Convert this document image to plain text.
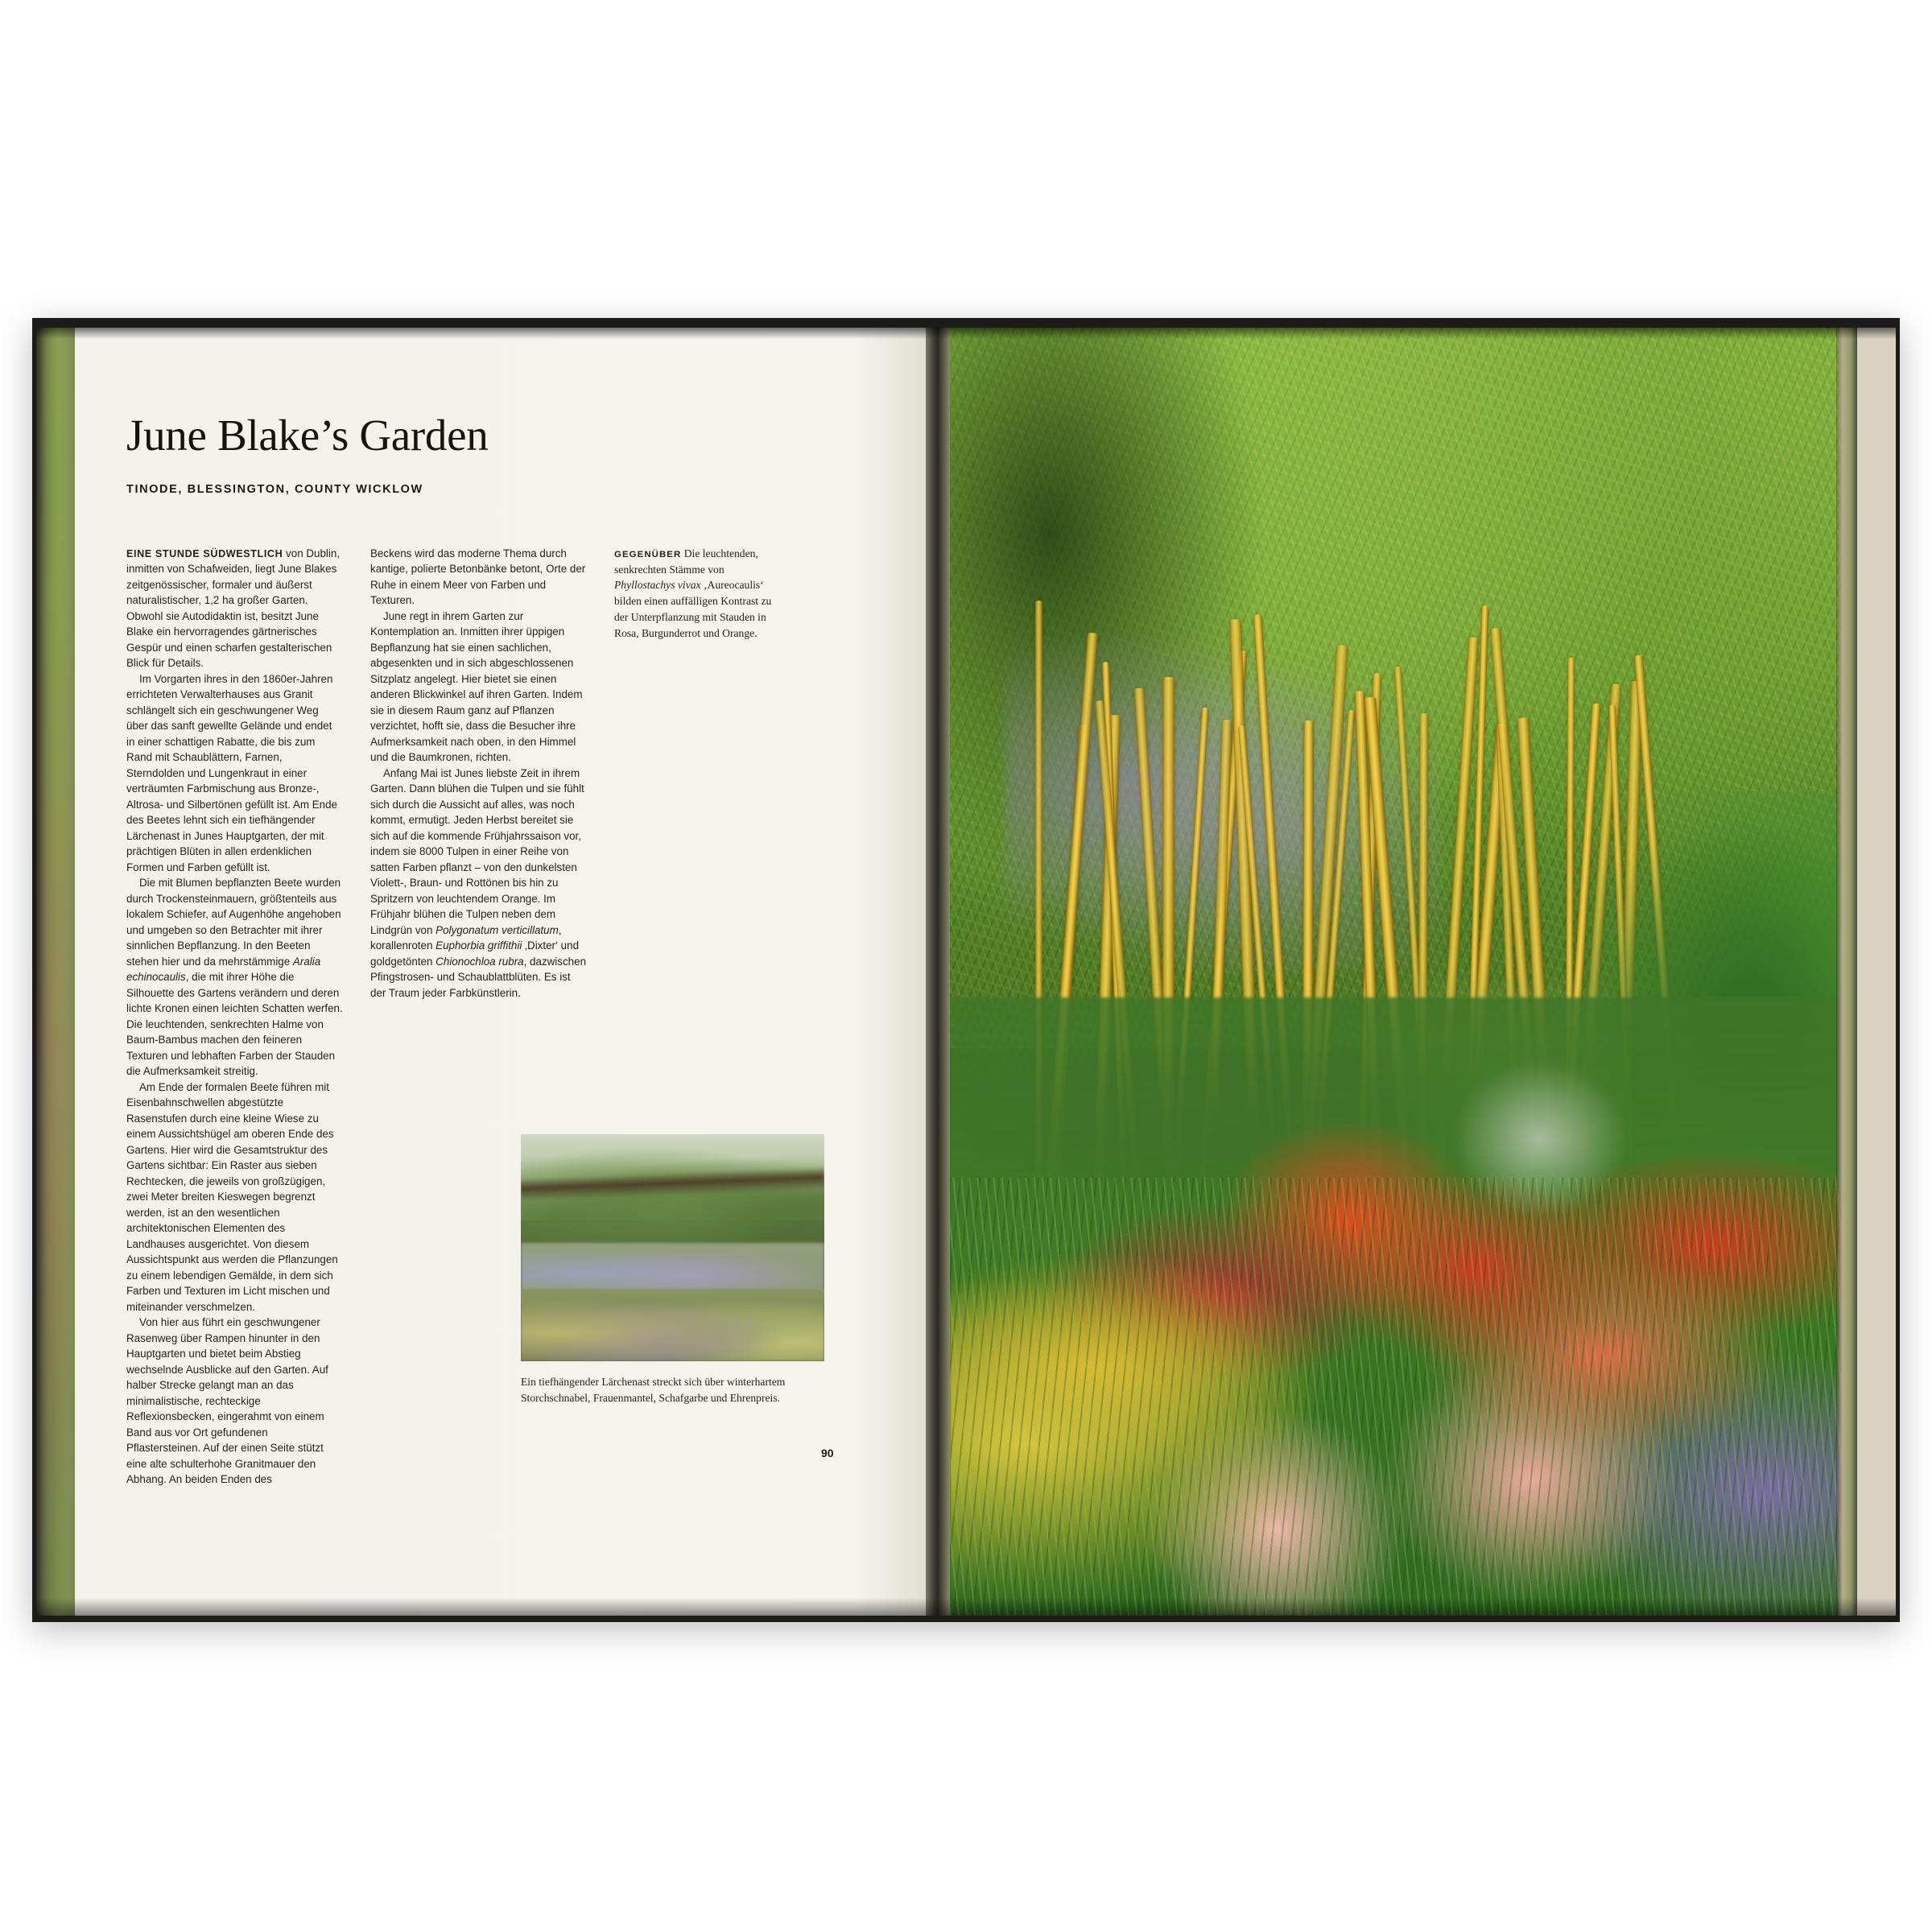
June Blake’s Garden
TINODE, BLESSINGTON, COUNTY WICKLOW
EINE STUNDE SÜDWESTLICH von Dublin, inmitten von Schafweiden, liegt June Blakes zeitgenössischer, formaler und äußerst naturalistischer, 1,2 ha großer Garten. Obwohl sie Autodidaktin ist, besitzt June Blake ein hervorragendes gärtnerisches Gespür und einen scharfen gestalterischen Blick für Details.
Im Vorgarten ihres in den 1860er-Jahren errichteten Verwalterhauses aus Granit schlängelt sich ein geschwungener Weg über das sanft gewellte Gelände und endet in einer schattigen Rabatte, die bis zum Rand mit Schaublättern, Farnen, Sterndolden und Lungenkraut in einer verträumten Farbmischung aus Bronze-, Altrosa- und Silbertönen gefüllt ist. Am Ende des Beetes lehnt sich ein tiefhängender Lärchenast in Junes Hauptgarten, der mit prächtigen Blüten in allen erdenklichen Formen und Farben gefüllt ist.
Die mit Blumen bepflanzten Beete wurden durch Trockensteinmauern, größtenteils aus lokalem Schiefer, auf Augenhöhe angehoben und umgeben so den Betrachter mit ihrer sinnlichen Bepflanzung. In den Beeten stehen hier und da mehrstämmige Aralia echinocaulis, die mit ihrer Höhe die Silhouette des Gartens verändern und deren lichte Kronen einen leichten Schatten werfen. Die leuchtenden, senkrechten Halme von Baum-Bambus machen den feineren Texturen und lebhaften Farben der Stauden die Aufmerksamkeit streitig.
Am Ende der formalen Beete führen mit Eisenbahnschwellen abgestützte Rasenstufen durch eine kleine Wiese zu einem Aussichtshügel am oberen Ende des Gartens. Hier wird die Gesamtstruktur des Gartens sichtbar: Ein Raster aus sieben Rechtecken, die jeweils von großzügigen, zwei Meter breiten Kieswegen begrenzt werden, ist an den wesentlichen architektonischen Elementen des Landhauses ausgerichtet. Von diesem Aussichtspunkt aus werden die Pflanzungen zu einem lebendigen Gemälde, in dem sich Farben und Texturen im Licht mischen und miteinander verschmelzen.
Von hier aus führt ein geschwungener Rasenweg über Rampen hinunter in den Hauptgarten und bietet beim Abstieg wechselnde Ausblicke auf den Garten. Auf halber Strecke gelangt man an das minimalistische, rechteckige Reflexionsbecken, eingerahmt von einem Band aus vor Ort gefundenen Pflastersteinen. Auf der einen Seite stützt eine alte schulterhohe Granitmauer den Abhang. An beiden Enden des
Beckens wird das moderne Thema durch kantige, polierte Betonbänke betont, Orte der Ruhe in einem Meer von Farben und Texturen.
June regt in ihrem Garten zur Kontemplation an. Inmitten ihrer üppigen Bepflanzung hat sie einen sachlichen, abgesenkten und in sich abgeschlossenen Sitzplatz angelegt. Hier bietet sie einen anderen Blickwinkel auf ihren Garten. Indem sie in diesem Raum ganz auf Pflanzen verzichtet, hofft sie, dass die Besucher ihre Aufmerksamkeit nach oben, in den Himmel und die Baumkronen, richten.
Anfang Mai ist Junes liebste Zeit in ihrem Garten. Dann blühen die Tulpen und sie fühlt sich durch die Aussicht auf alles, was noch kommt, ermutigt. Jeden Herbst bereitet sie sich auf die kommende Frühjahrssaison vor, indem sie 8000 Tulpen in einer Reihe von satten Farben pflanzt – von den dunkelsten Violett-, Braun- und Rottönen bis hin zu Spritzern von leuchtendem Orange. Im Frühjahr blühen die Tulpen neben dem Lindgrün von Polygonatum verticillatum, korallenroten Euphorbia griffithii ‚Dixter‘ und goldgetönten Chionochloa rubra, dazwischen Pfingstrosen- und Schaublattblüten. Es ist der Traum jeder Farbkünstlerin.
GEGENÜBER Die leuchtenden, senkrechten Stämme von Phyllostachys vivax ‚Aureocaulis‘ bilden einen auffälligen Kontrast zu der Unterpflanzung mit Stauden in Rosa, Burgunderrot und Orange.
Ein tiefhängender Lärchenast streckt sich über winterhartem Storchschnabel, Frauenmantel, Schafgarbe und Ehrenpreis.
90
